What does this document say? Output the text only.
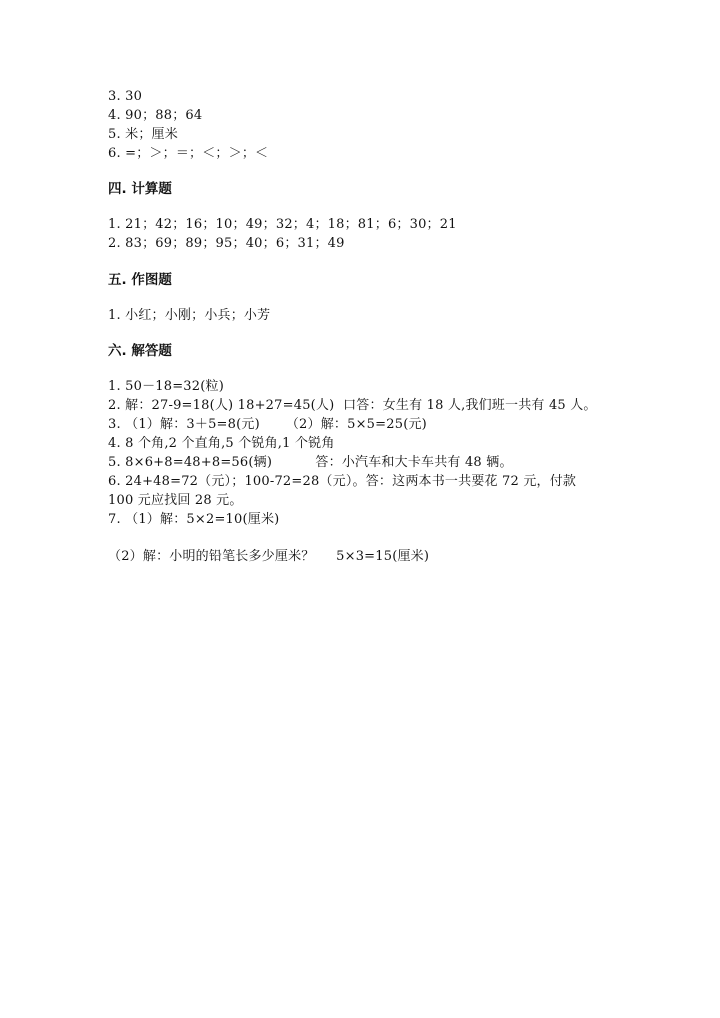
3. 30
4. 90；88；64
5. 米；厘米
6. =；＞；＝；＜；＞；＜
四. 计算题
1. 21；42；16；10；49；32；4；18；81；6；30；21
2. 83；69；89；95；40；6；31；49
五. 作图题
1. 小红；小刚；小兵；小芳
六. 解答题
1. 50－18=32(粒)
2. 解：27-9=18(人) 18+27=45(人)  口答：女生有 18 人,我们班一共有 45 人。
3. （1）解：3＋5=8(元)      （2）解：5×5=25(元)
4. 8 个角,2 个直角,5 个锐角,1 个锐角
5. 8×6+8=48+8=56(辆)          答：小汽车和大卡车共有 48 辆。
6. 24+48=72（元）；100-72=28（元）。答：这两本书一共要花 72 元，付款
100 元应找回 28 元。
7. （1）解：5×2=10(厘米)
（2）解：小明的铅笔长多少厘米？     5×3=15(厘米)
